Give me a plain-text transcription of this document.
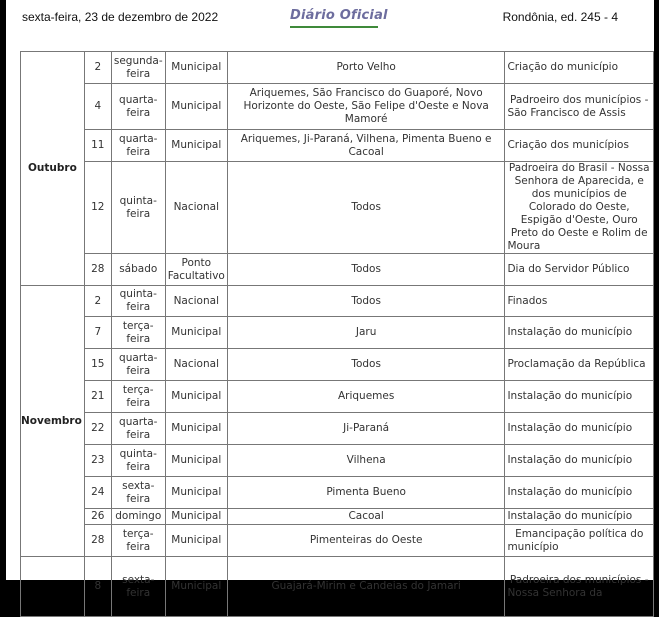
sexta-feira, 23 de dezembro de 2022	Diário Oficial	Rondônia, ed. 245 - 4
Outubro	2	segunda-
feira	Municipal	Porto Velho	Criação do município
	4	quarta-
feira	Municipal	Ariquemes, São Francisco do Guaporé, Novo Horizonte do Oeste, São Felipe d'Oeste e Nova Mamoré	Padroeiro dos municípios - São Francisco de Assis
	11	quarta-
feira	Municipal	Ariquemes, Ji-Paraná, Vilhena, Pimenta Bueno e Cacoal	Criação dos municípios
	12	quinta-
feira	Nacional	Todos	Padroeira do Brasil - Nossa Senhora de Aparecida, e dos municípios de Colorado do Oeste, Espigão d'Oeste, Ouro Preto do Oeste e Rolim de Moura
	28	sábado	Ponto Facultativo	Todos	Dia do Servidor Público
Novembro	2	quinta-
feira	Nacional	Todos	Finados
	7	terça-
feira	Municipal	Jaru	Instalação do município
	15	quarta-
feira	Nacional	Todos	Proclamação da República
	21	terça-
feira	Municipal	Ariquemes	Instalação do município
	22	quarta-
feira	Municipal	Ji-Paraná	Instalação do município
	23	quinta-
feira	Municipal	Vilhena	Instalação do município
	24	sexta-
feira	Municipal	Pimenta Bueno	Instalação do município
	26	domingo	Municipal	Cacoal	Instalação do município
	28	terça-
feira	Municipal	Pimenteiras do Oeste	Emancipação política do município
	8	sexta-
feira	Municipal	Guajará-Mirim e Candeias do Jamari	Padroeira dos municípios - Nossa Senhora da
